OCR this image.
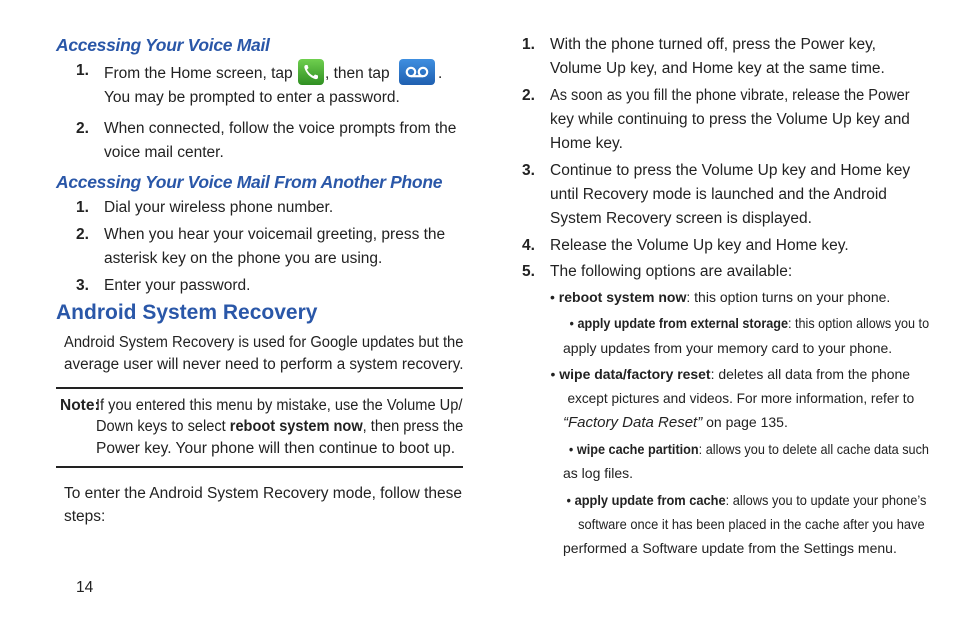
Accessing Your Voice Mail
1. From the Home screen, tap , then tap	.
You may be prompted to enter a password.
2. When connected, follow the voice prompts from the
voice mail center.
Accessing Your Voice Mail From Another Phone
1. Dial your wireless phone number.
2. When you hear your voicemail greeting, press the
asterisk key on the phone you are using.
3. Enter your password.
Android System Recovery
Android System Recovery is used for Google updates but the
average user will never need to perform a system recovery.
Note:
If you entered this menu by mistake, use the Volume Up/
Down keys to select reboot system now, then press the
Power key. Your phone will then continue to boot up.
To enter the Android System Recovery mode, follow these
steps:
14
1. With the phone turned off, press the Power key,
Volume Up key, and Home key at the same time.
2. As soon as you fill the phone vibrate, release the Power
key while continuing to press the Volume Up key and
Home key.
3. Continue to press the Volume Up key and Home key
until Recovery mode is launched and the Android
System Recovery screen is displayed.
4. Release the Volume Up key and Home key.
5. The following options are available:
• reboot system now: this option turns on your phone.
• apply update from external storage: this option allows you to
apply updates from your memory card to your phone.
• wipe data/factory reset: deletes all data from the phone
except pictures and videos. For more information, refer to
“Factory Data Reset” on page 135.
• wipe cache partition: allows you to delete all cache data such
as log files.
• apply update from cache: allows you to update your phone’s
software once it has been placed in the cache after you have
performed a Software update from the Settings menu.
